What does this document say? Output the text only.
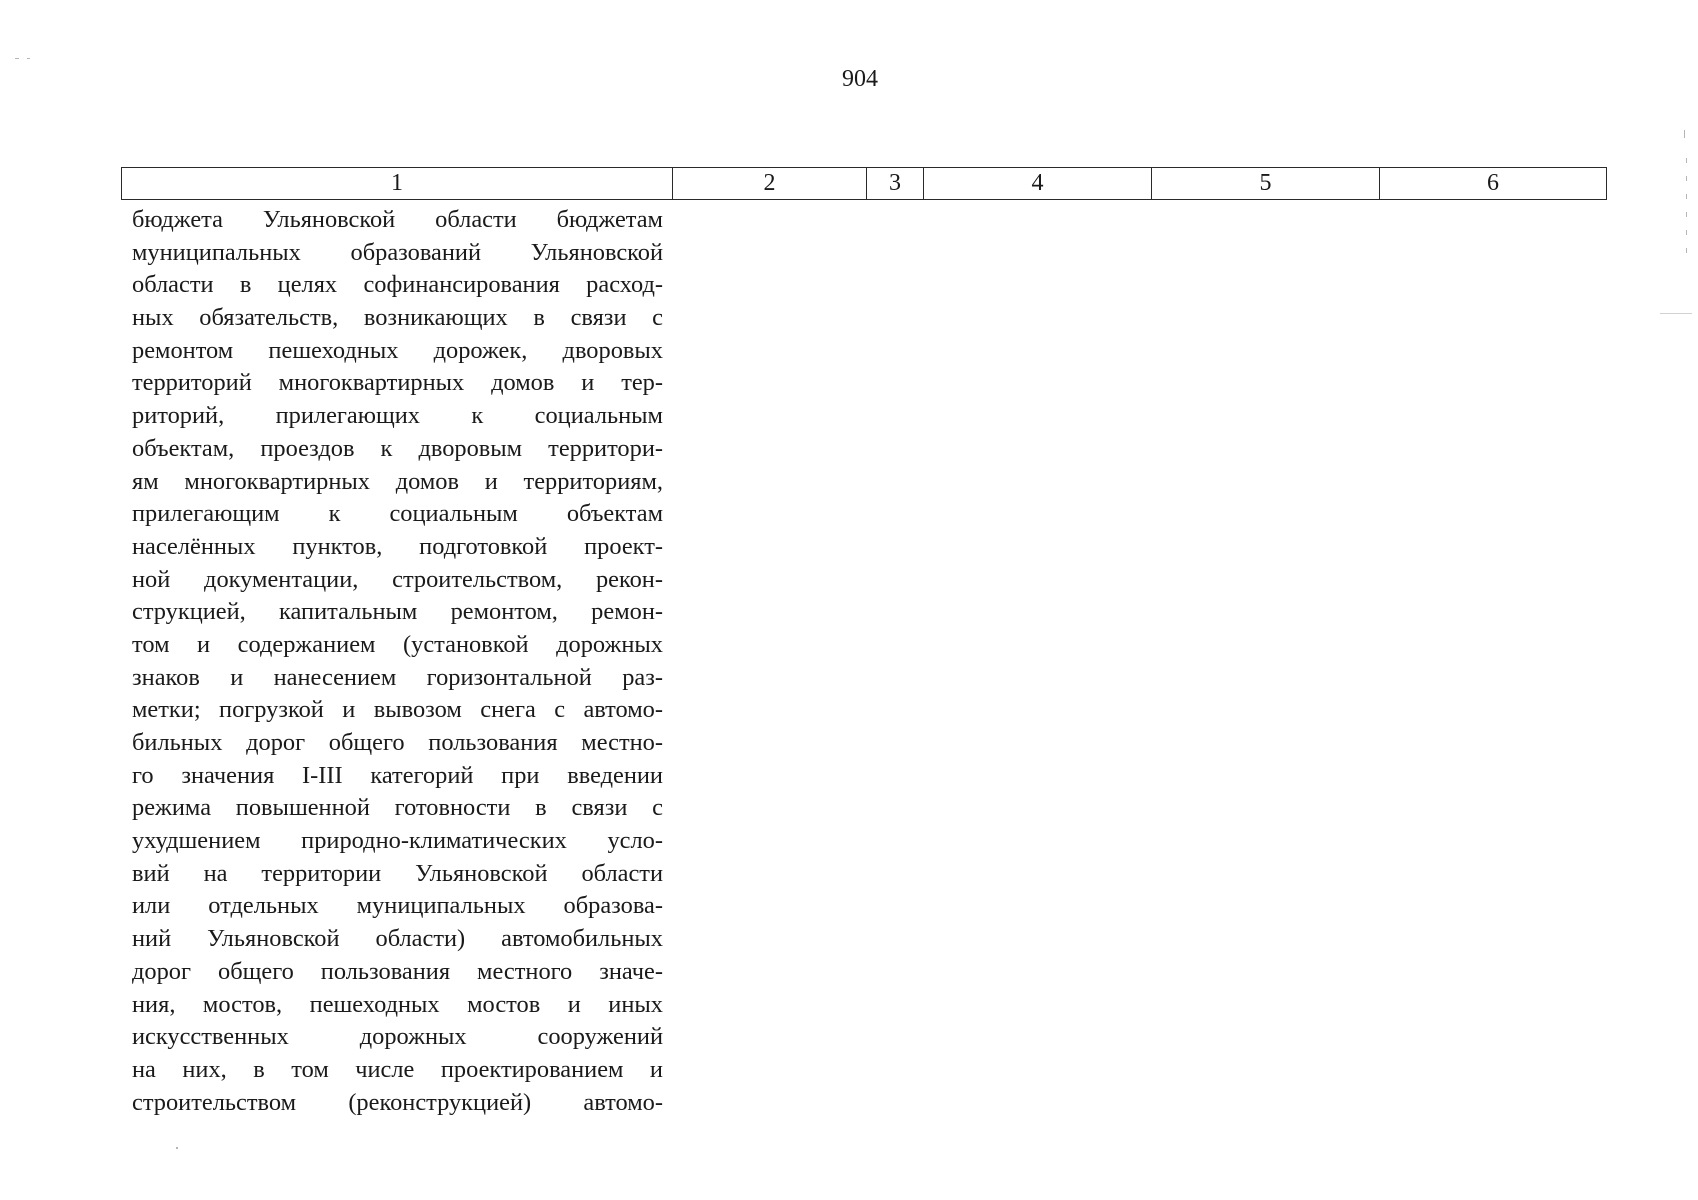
904
1	2	3	4	5	6
бюджета Ульяновской области бюджетам
муниципальных образований Ульяновской
области в целях софинансирования расход-
ных обязательств, возникающих в связи с
ремонтом пешеходных дорожек, дворовых
территорий многоквартирных домов и тер-
риторий, прилегающих к социальным
объектам, проездов к дворовым территори-
ям многоквартирных домов и территориям,
прилегающим к социальным объектам
населённых пунктов, подготовкой проект-
ной документации, строительством, рекон-
струкцией, капитальным ремонтом, ремон-
том и содержанием (установкой дорожных
знаков и нанесением горизонтальной раз-
метки; погрузкой и вывозом снега с автомо-
бильных дорог общего пользования местно-
го значения I-III категорий при введении
режима повышенной готовности в связи с
ухудшением природно-климатических усло-
вий на территории Ульяновской области
или отдельных муниципальных образова-
ний Ульяновской области) автомобильных
дорог общего пользования местного значе-
ния, мостов, пешеходных мостов и иных
искусственных дорожных сооружений
на них, в том числе проектированием и
строительством (реконструкцией) автомо-
